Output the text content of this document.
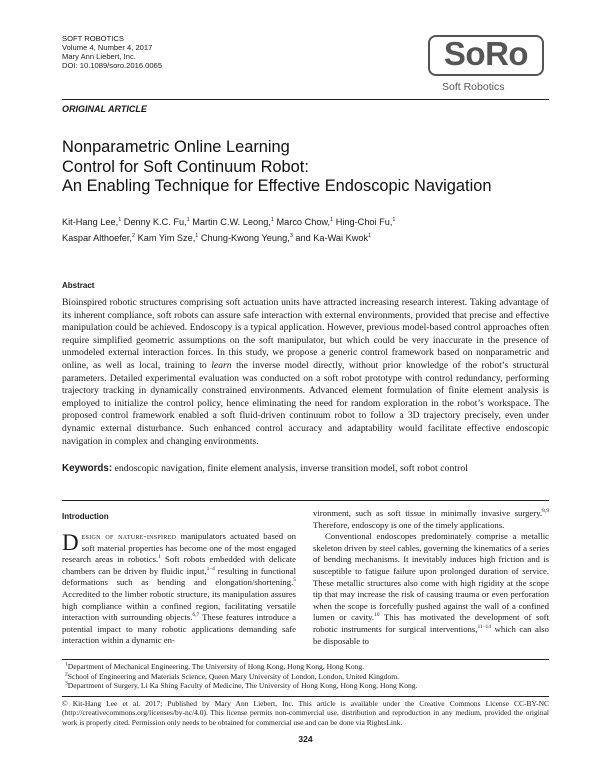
SOFT ROBOTICS
Volume 4, Number 4, 2017
Mary Ann Liebert, Inc.
DOI: 10.1089/soro.2016.0065	SoRo
Soft Robotics
ORIGINAL ARTICLE
Nonparametric Online Learning
Control for Soft Continuum Robot:
An Enabling Technique for Effective Endoscopic Navigation
Kit-Hang Lee,$^1$ Denny K.C. Fu,$^1$ Martin C.W. Leong,$^1$ Marco Chow,$^1$ Hing-Choi Fu,$^1$
Kaspar Althoefer,$^2$ Kam Yim Sze,$^1$ Chung-Kwong Yeung,$^3$ and Ka-Wai Kwok$^1$
Abstract
Bioinspired robotic structures comprising soft actuation units have attracted increasing research interest. Taking advantage of its inherent compliance, soft robots can assure safe interaction with external environments, provided that precise and effective manipulation could be achieved. Endoscopy is a typical application. However, previous model-based control approaches often require simplified geometric assumptions on the soft manipulator, but which could be very inaccurate in the presence of unmodeled external interaction forces. In this study, we propose a generic control framework based on nonparametric and online, as well as local, training to learn the inverse model directly, without prior knowledge of the robot’s structural parameters. Detailed experimental evaluation was conducted on a soft robot prototype with control redundancy, performing trajectory tracking in dynamically constrained environments. Advanced element formulation of finite element analysis is employed to initialize the control policy, hence eliminating the need for random exploration in the robot’s workspace. The proposed control framework enabled a soft fluid-driven continuum robot to follow a 3D trajectory precisely, even under dynamic external disturbance. Such enhanced control accuracy and adaptability would facilitate effective endoscopic navigation in complex and changing environments.
Keywords: endoscopic navigation, finite element analysis, inverse transition model, soft robot control
Introduction
Design of nature-inspired manipulators actuated based on soft material properties has become one of the most engaged research areas in robotics.$^1$ Soft robots embedded with delicate chambers can be driven by fluidic input,$^{1-4}$ resulting in functional deformations such as bending and elongation/shortening.$^5$ Accredited to the limber robotic structure, its manipulation assures high compliance within a confined region, facilitating versatile interaction with surrounding objects.$^{6,7}$ These features introduce a potential impact to many robotic applications demanding safe interaction within a dynamic en-
vironment, such as soft tissue in minimally invasive surgery.$^{8,9}$ Therefore, endoscopy is one of the timely applications.
Conventional endoscopes predominately comprise a metallic skeleton driven by steel cables, governing the kinematics of a series of bending mechanisms. It inevitably induces high friction and is susceptible to fatigue failure upon prolonged duration of service. These metallic structures also come with high rigidity at the scope tip that may increase the risk of causing trauma or even perforation when the scope is forcefully pushed against the wall of a confined lumen or cavity.$^{10}$ This has motivated the development of soft robotic instruments for surgical interventions,$^{11-14}$ which can also be disposable to
$^1$Department of Mechanical Engineering, The University of Hong Kong, Hong Kong, Hong Kong.
$^2$School of Engineering and Materials Science, Queen Mary University of London, London, United Kingdom.
$^3$Department of Surgery, Li Ka Shing Faculty of Medicine, The University of Hong Kong, Hong Kong, Hong Kong.
© Kit-Hang Lee et al. 2017; Published by Mary Ann Liebert, Inc. This article is available under the Creative Commons License CC-BY-NC (http://creativecommons.org/licenses/by-nc/4.0). This license permits non-commercial use, distribution and reproduction in any medium, provided the original work is properly cited. Permission only needs to be obtained for commercial use and can be done via RightsLink.
324
